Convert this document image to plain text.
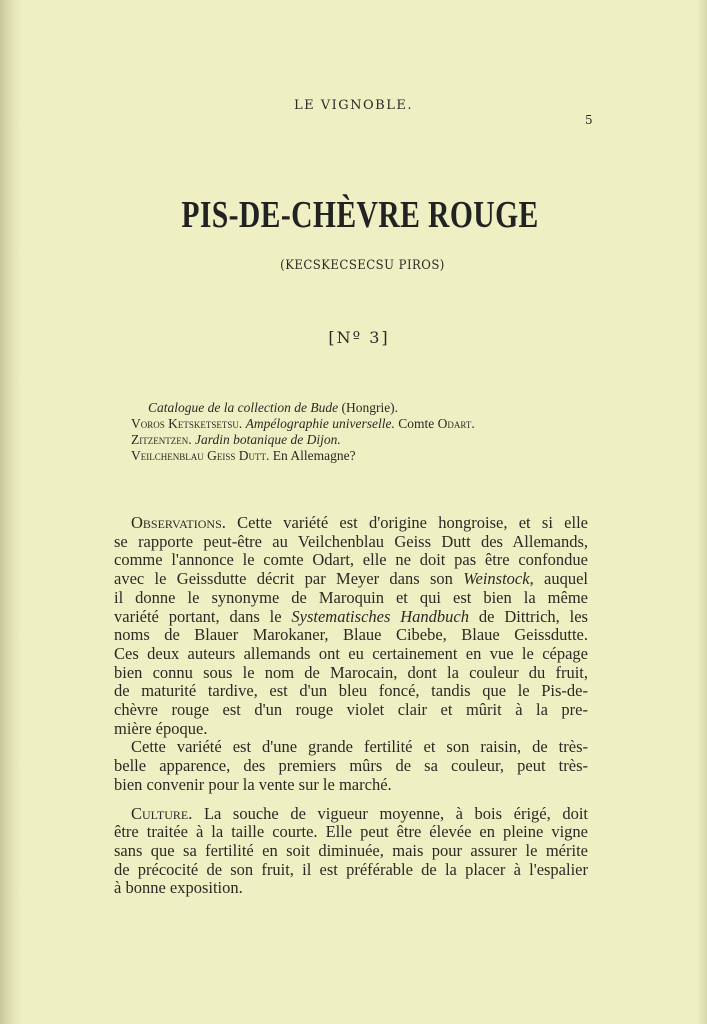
LE VIGNOBLE.
5
PIS-DE-CHÈVRE ROUGE
(KECSKECSECSU PIROS)
[Nº 3]
Catalogue de la collection de Bude (Hongrie).
Voros Ketsketsetsu. Ampélographie universelle. Comte Odart.
Zitzentzen. Jardin botanique de Dijon.
Veilchenblau Geiss Dutt. En Allemagne?
Observations. Cette variété est d'origine hongroise, et si elle
se rapporte peut-être au Veilchenblau Geiss Dutt des Allemands,
comme l'annonce le comte Odart, elle ne doit pas être confondue
avec le Geissdutte décrit par Meyer dans son Weinstock, auquel
il donne le synonyme de Maroquin et qui est bien la même
variété portant, dans le Systematisches Handbuch de Dittrich, les
noms de Blauer Marokaner, Blaue Cibebe, Blaue Geissdutte.
Ces deux auteurs allemands ont eu certainement en vue le cépage
bien connu sous le nom de Marocain, dont la couleur du fruit,
de maturité tardive, est d'un bleu foncé, tandis que le Pis-de-
chèvre rouge est d'un rouge violet clair et mûrit à la pre-
mière époque.
Cette variété est d'une grande fertilité et son raisin, de très-
belle apparence, des premiers mûrs de sa couleur, peut très-
bien convenir pour la vente sur le marché.
Culture. La souche de vigueur moyenne, à bois érigé, doit
être traitée à la taille courte. Elle peut être élevée en pleine vigne
sans que sa fertilité en soit diminuée, mais pour assurer le mérite
de précocité de son fruit, il est préférable de la placer à l'espalier
à bonne exposition.
